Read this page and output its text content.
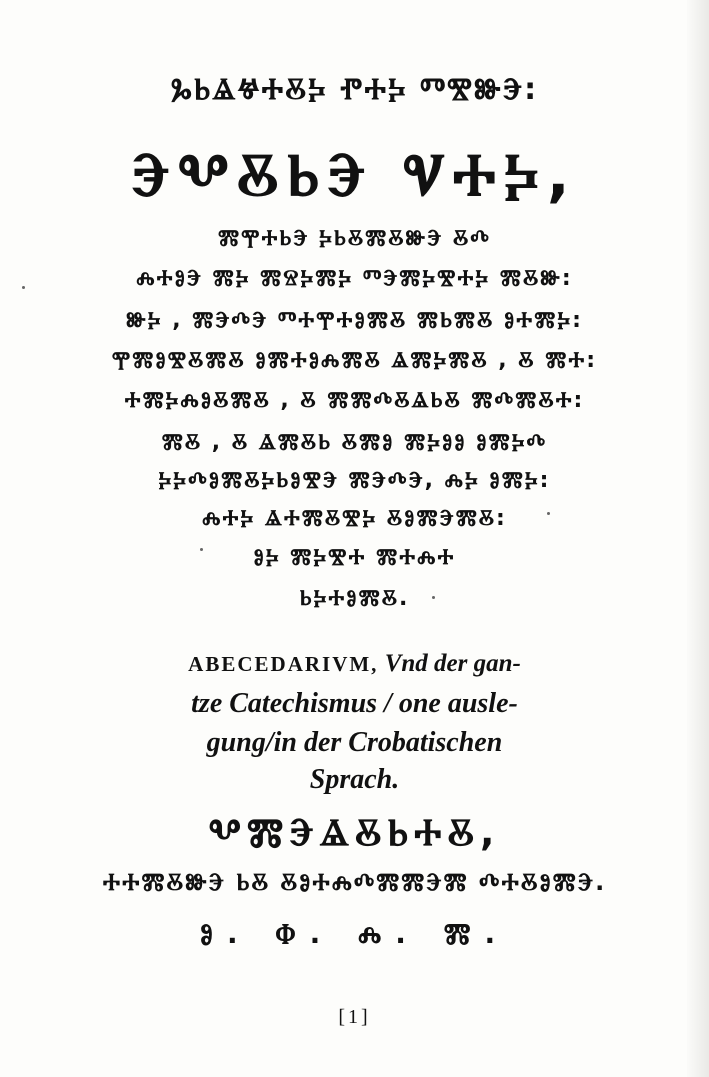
ⰃⰓⰡⰝⰀⰋⰍ ⰒⰀⰍ ⰕⰊⰖⰅ:
ⰅⰂⰋⰓⰅ ⰜⰀⰍ,
ⰏⰉⰀⰓⰅ ⰍⰓⰋⰏⰋⰖⰅ ⰋⰄ
ⰎⰀⰑⰅ ⰏⰍ ⰏⰔⰍⰏⰍ ⰕⰅⰏⰍⰊⰀⰍ ⰏⰋⰖ:
ⰖⰍ , ⰏⰅⰄⰅ ⰕⰀⰉⰀⰑⰏⰋ ⰏⰓⰏⰋ ⰑⰀⰏⰍ:
ⰉⰏⰑⰊⰋⰏⰋ ⰑⰏⰀⰑⰎⰏⰋ ⰡⰏⰍⰏⰋ , Ⰻ ⰏⰀ:
ⰀⰏⰍⰎⰑⰋⰏⰋ , Ⰻ ⰏⰏⰄⰋⰡⰓⰋ ⰏⰄⰏⰋⰀ:
ⰏⰋ , Ⰻ ⰡⰏⰋⰓ ⰋⰏⰑ ⰏⰍⰑⰑ ⰑⰏⰍⰄ
ⰍⰍⰄⰑⰏⰋⰍⰓⰑⰊⰅ ⰏⰅⰄⰅ, ⰎⰍ ⰑⰏⰍ:
ⰎⰀⰍ ⰡⰀⰏⰋⰊⰍ ⰋⰑⰏⰅⰏⰋ:
ⰑⰍ ⰏⰍⰊⰀ ⰏⰀⰎⰀ
ⰓⰍⰀⰑⰏⰋ.
ABECEDARIVM, Vnd der gan-
tze Catechismus / one ausle-
gung/in der Crobatischen
Sprach.
ⰂⰏⰅⰡⰋⰓⰀⰋ,
ⰀⰀⰏⰋⰖⰅ ⰓⰋ ⰋⰑⰀⰎⰄⰏⰏⰅⰏ ⰄⰀⰋⰑⰏⰅ.
Ⱁ. Ⱇ. Ⰾ. Ⰿ.
[1]
